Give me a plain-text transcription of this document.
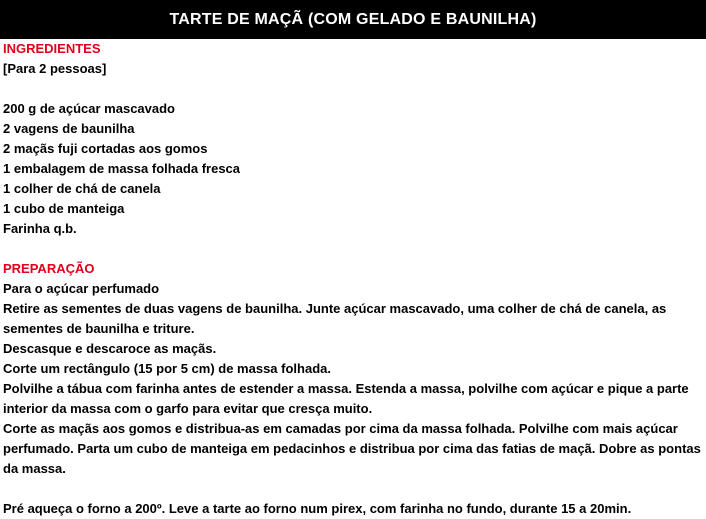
TARTE DE MAÇÃ (COM GELADO E BAUNILHA)
INGREDIENTES
[Para 2 pessoas]
200 g de açúcar mascavado
2 vagens de baunilha
2 maçãs fuji cortadas aos gomos
1 embalagem de massa folhada fresca
1 colher de chá de canela
1 cubo de manteiga
Farinha q.b.
PREPARAÇÃO
Para o açúcar perfumado
Retire as sementes de duas vagens de baunilha. Junte açúcar mascavado, uma colher de chá de canela, as
sementes de baunilha e triture.
Descasque e descaroce as maçãs.
Corte um rectângulo (15 por 5 cm) de massa folhada.
Polvilhe a tábua com farinha antes de estender a massa. Estenda a massa, polvilhe com açúcar e pique a parte
interior da massa com o garfo para evitar que cresça muito.
Corte as maçãs aos gomos e distribua-as em camadas por cima da massa folhada. Polvilhe com mais açúcar
perfumado. Parta um cubo de manteiga em pedacinhos e distribua por cima das fatias de maçã. Dobre as pontas
da massa.
Pré aqueça o forno a 200º. Leve a tarte ao forno num pirex, com farinha no fundo, durante 15 a 20min.
